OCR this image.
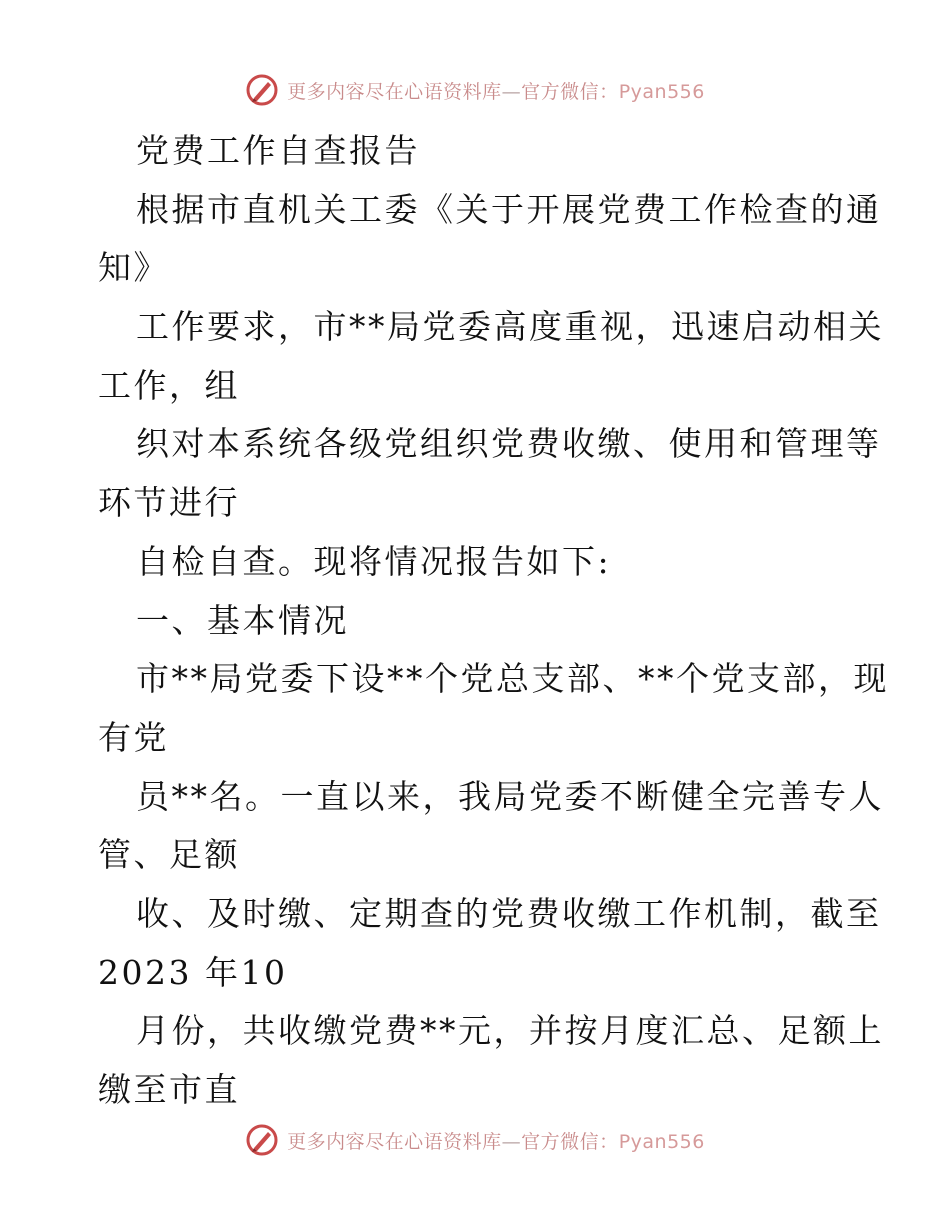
更多内容尽在心语资料库—官方微信：Pyan556
党费工作自查报告
根据市直机关工委《关于开展党费工作检查的通
知》
工作要求，市**局党委高度重视，迅速启动相关
工作，组
织对本系统各级党组织党费收缴、使用和管理等
环节进行
自检自查。现将情况报告如下:
一、基本情况
市**局党委下设**个党总支部、**个党支部，现
有党
员**名。一直以来，我局党委不断健全完善专人
管、足额
收、及时缴、定期查的党费收缴工作机制，截至
2023 年10
月份，共收缴党费**元，并按月度汇总、足额上
缴至市直
更多内容尽在心语资料库—官方微信：Pyan556
